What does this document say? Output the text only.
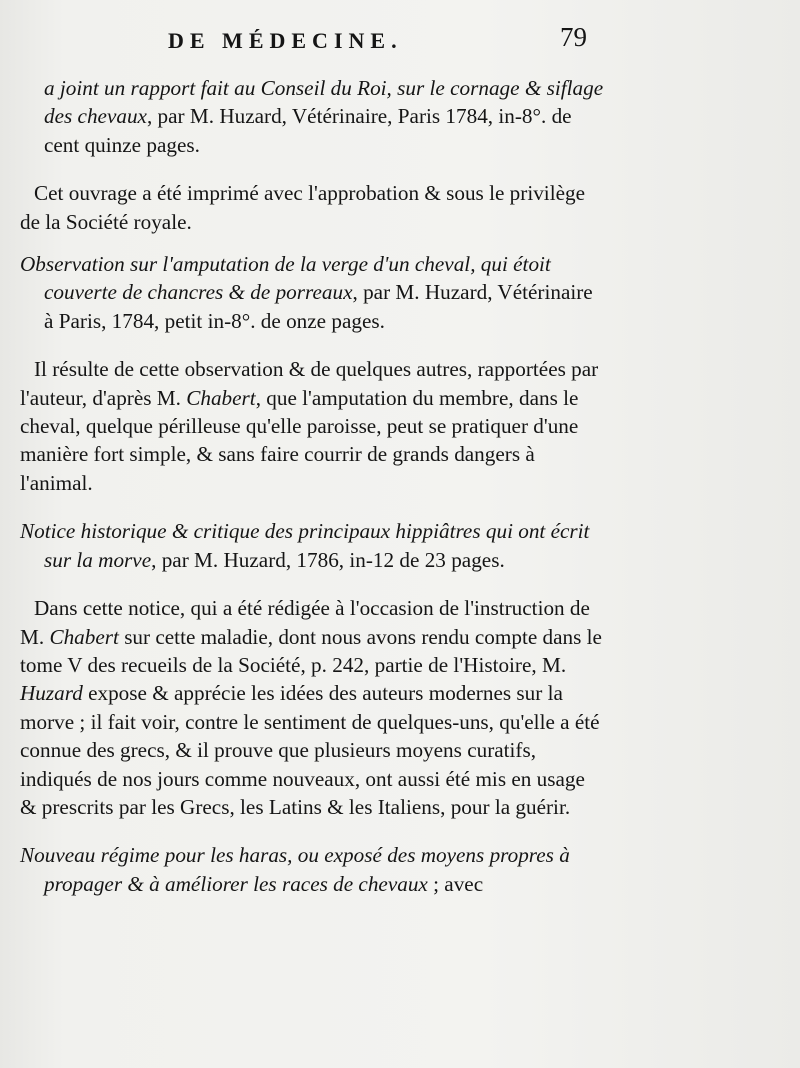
DE MÉDECINE.	79

a joint un rapport fait au Conseil du Roi, sur le cornage & siflage des chevaux, par M. Huzard, Vétérinaire, Paris 1784, in-8°. de cent quinze pages.

Cet ouvrage a été imprimé avec l'approbation & sous le privilège de la Société royale.

Observation sur l'amputation de la verge d'un cheval, qui étoit couverte de chancres & de porreaux, par M. Huzard, Vétérinaire à Paris, 1784, petit in-8°. de onze pages.

Il résulte de cette observation & de quelques autres, rapportées par l'auteur, d'après M. Chabert, que l'amputation du membre, dans le cheval, quelque périlleuse qu'elle paroisse, peut se pratiquer d'une manière fort simple, & sans faire courrir de grands dangers à l'animal.

Notice historique & critique des principaux hippiâtres qui ont écrit sur la morve, par M. Huzard, 1786, in-12 de 23 pages.

Dans cette notice, qui a été rédigée à l'occasion de l'instruction de M. Chabert sur cette maladie, dont nous avons rendu compte dans le tome V des recueils de la Société, p. 242, partie de l'Histoire, M. Huzard expose & apprécie les idées des auteurs modernes sur la morve ; il fait voir, contre le sentiment de quelques-uns, qu'elle a été connue des grecs, & il prouve que plusieurs moyens curatifs, indiqués de nos jours comme nouveaux, ont aussi été mis en usage & prescrits par les Grecs, les Latins & les Italiens, pour la guérir.

Nouveau régime pour les haras, ou exposé des moyens propres à propager & à améliorer les races de chevaux ; avec
